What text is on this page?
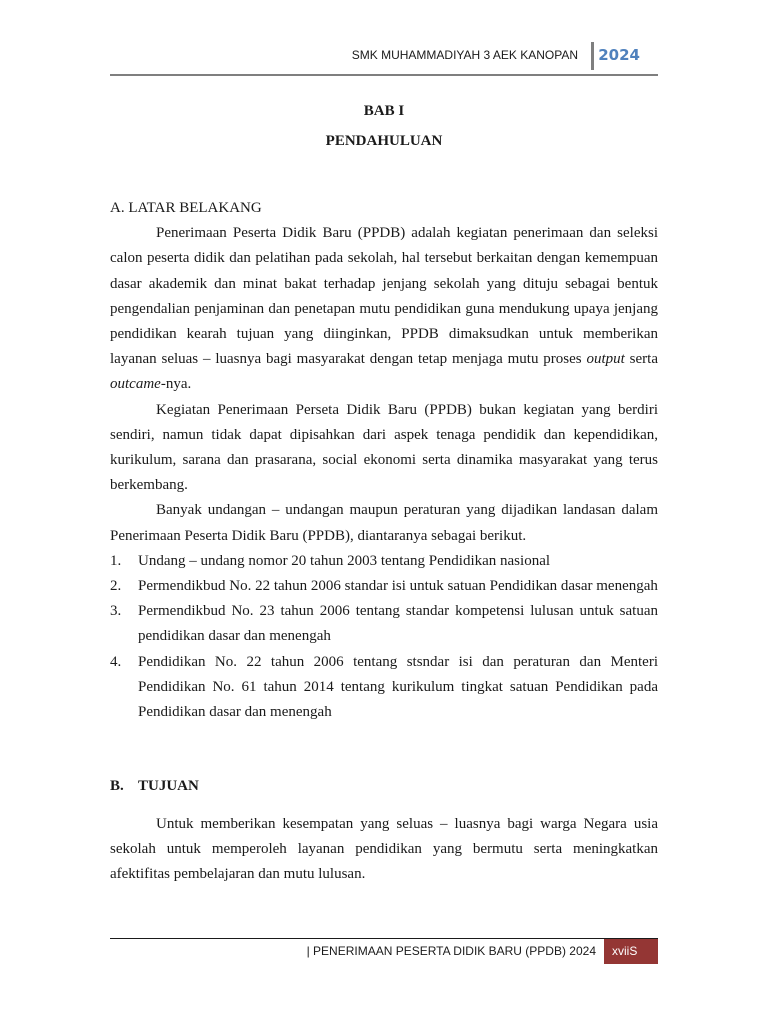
SMK MUHAMMADIYAH 3 AEK KANOPAN 2024
BAB I
PENDAHULUAN

A. LATAR BELAKANG

Penerimaan Peserta Didik Baru (PPDB) adalah kegiatan penerimaan dan seleksi calon peserta didik dan pelatihan pada sekolah, hal tersebut berkaitan dengan kemempuan dasar akademik dan minat bakat terhadap jenjang sekolah yang dituju sebagai bentuk pengendalian penjaminan dan penetapan mutu pendidikan guna mendukung upaya jenjang pendidikan kearah tujuan yang diinginkan, PPDB dimaksudkan untuk memberikan layanan seluas – luasnya bagi masyarakat dengan tetap menjaga mutu proses output serta outcame-nya.

Kegiatan Penerimaan Perseta Didik Baru (PPDB) bukan kegiatan yang berdiri sendiri, namun tidak dapat dipisahkan dari aspek tenaga pendidik dan kependidikan, kurikulum, sarana dan prasarana, social ekonomi serta dinamika masyarakat yang terus berkembang.

Banyak undangan – undangan maupun peraturan yang dijadikan landasan dalam Penerimaan Peserta Didik Baru (PPDB), diantaranya sebagai berikut.

1. Undang – undang nomor 20 tahun 2003 tentang Pendidikan nasional
2. Permendikbud No. 22 tahun 2006 standar isi untuk satuan Pendidikan dasar menengah
3. Permendikbud No. 23 tahun 2006 tentang standar kompetensi lulusan untuk satuan pendidikan dasar dan menengah
4. Pendidikan No. 22 tahun 2006 tentang stsndar isi dan peraturan dan Menteri Pendidikan No. 61 tahun 2014 tentang kurikulum tingkat satuan Pendidikan pada Pendidikan dasar dan menengah
B. TUJUAN

Untuk memberikan kesempatan yang seluas – luasnya bagi warga Negara usia sekolah untuk memperoleh layanan pendidikan yang bermutu serta meningkatkan afektifitas pembelajaran dan mutu lulusan.

| PENERIMAAN PESERTA DIDIK BARU (PPDB) 2024	xviiS
